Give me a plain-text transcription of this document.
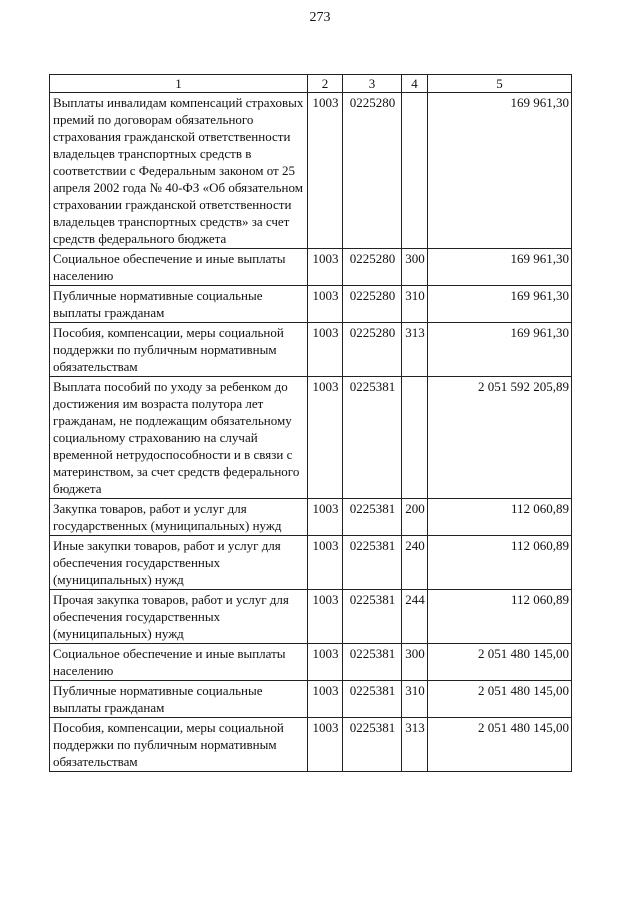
273
1	2	3	4	5
Выплаты инвалидам компенсаций страховых премий по договорам обязательного страхования гражданской ответственности владельцев транспортных средств в соответствии с Федеральным законом от 25 апреля 2002 года № 40-ФЗ «Об обязательном страховании гражданской ответственности владельцев транспортных средств» за счет средств федерального бюджета	1003	0225280		169 961,30
Социальное обеспечение и иные выплаты населению	1003	0225280	300	169 961,30
Публичные нормативные социальные выплаты гражданам	1003	0225280	310	169 961,30
Пособия, компенсации, меры социальной поддержки по публичным нормативным обязательствам	1003	0225280	313	169 961,30
Выплата пособий по уходу за ребенком до достижения им возраста полутора лет гражданам, не подлежащим обязательному социальному страхованию на случай временной нетрудоспособности и в связи с материнством, за счет средств федерального бюджета	1003	0225381		2 051 592 205,89
Закупка товаров, работ и услуг для государственных (муниципальных) нужд	1003	0225381	200	112 060,89
Иные закупки товаров, работ и услуг для обеспечения государственных (муниципальных) нужд	1003	0225381	240	112 060,89
Прочая закупка товаров, работ и услуг для обеспечения государственных (муниципальных) нужд	1003	0225381	244	112 060,89
Социальное обеспечение и иные выплаты населению	1003	0225381	300	2 051 480 145,00
Публичные нормативные социальные выплаты гражданам	1003	0225381	310	2 051 480 145,00
Пособия, компенсации, меры социальной поддержки по публичным нормативным обязательствам	1003	0225381	313	2 051 480 145,00
